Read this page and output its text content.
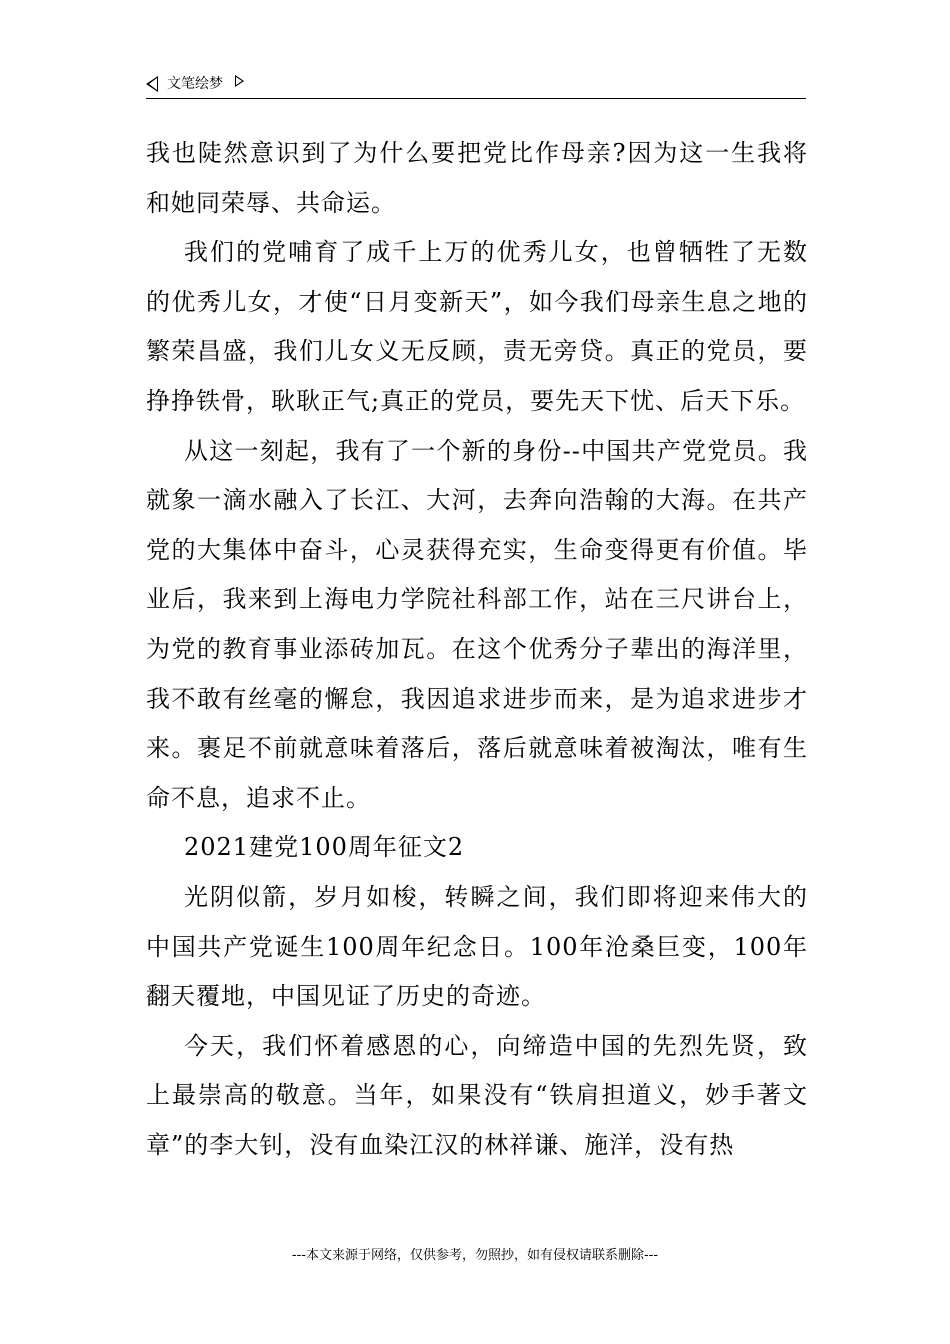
文笔绘梦

我也陡然意识到了为什么要把党比作母亲?因为这一生我将和她同荣辱、共命运。

我们的党哺育了成千上万的优秀儿女，也曾牺牲了无数的优秀儿女，才使“日月变新天”，如今我们母亲生息之地的繁荣昌盛，我们儿女义无反顾，责无旁贷。真正的党员，要挣挣铁骨，耿耿正气;真正的党员，要先天下忧、后天下乐。

从这一刻起，我有了一个新的身份--中国共产党党员。我就象一滴水融入了长江、大河，去奔向浩翰的大海。在共产党的大集体中奋斗，心灵获得充实，生命变得更有价值。毕业后，我来到上海电力学院社科部工作，站在三尺讲台上，为党的教育事业添砖加瓦。在这个优秀分子辈出的海洋里，我不敢有丝毫的懈怠，我因追求进步而来，是为追求进步才来。裹足不前就意味着落后，落后就意味着被淘汰，唯有生命不息，追求不止。

2021建党100周年征文2

光阴似箭，岁月如梭，转瞬之间，我们即将迎来伟大的中国共产党诞生100周年纪念日。100年沧桑巨变，100年翻天覆地，中国见证了历史的奇迹。

今天，我们怀着感恩的心，向缔造中国的先烈先贤，致上最崇高的敬意。当年，如果没有“铁肩担道义，妙手著文章”的李大钊，没有血染江汉的林祥谦、施洋，没有热

---本文来源于网络，仅供参考，勿照抄，如有侵权请联系删除---
